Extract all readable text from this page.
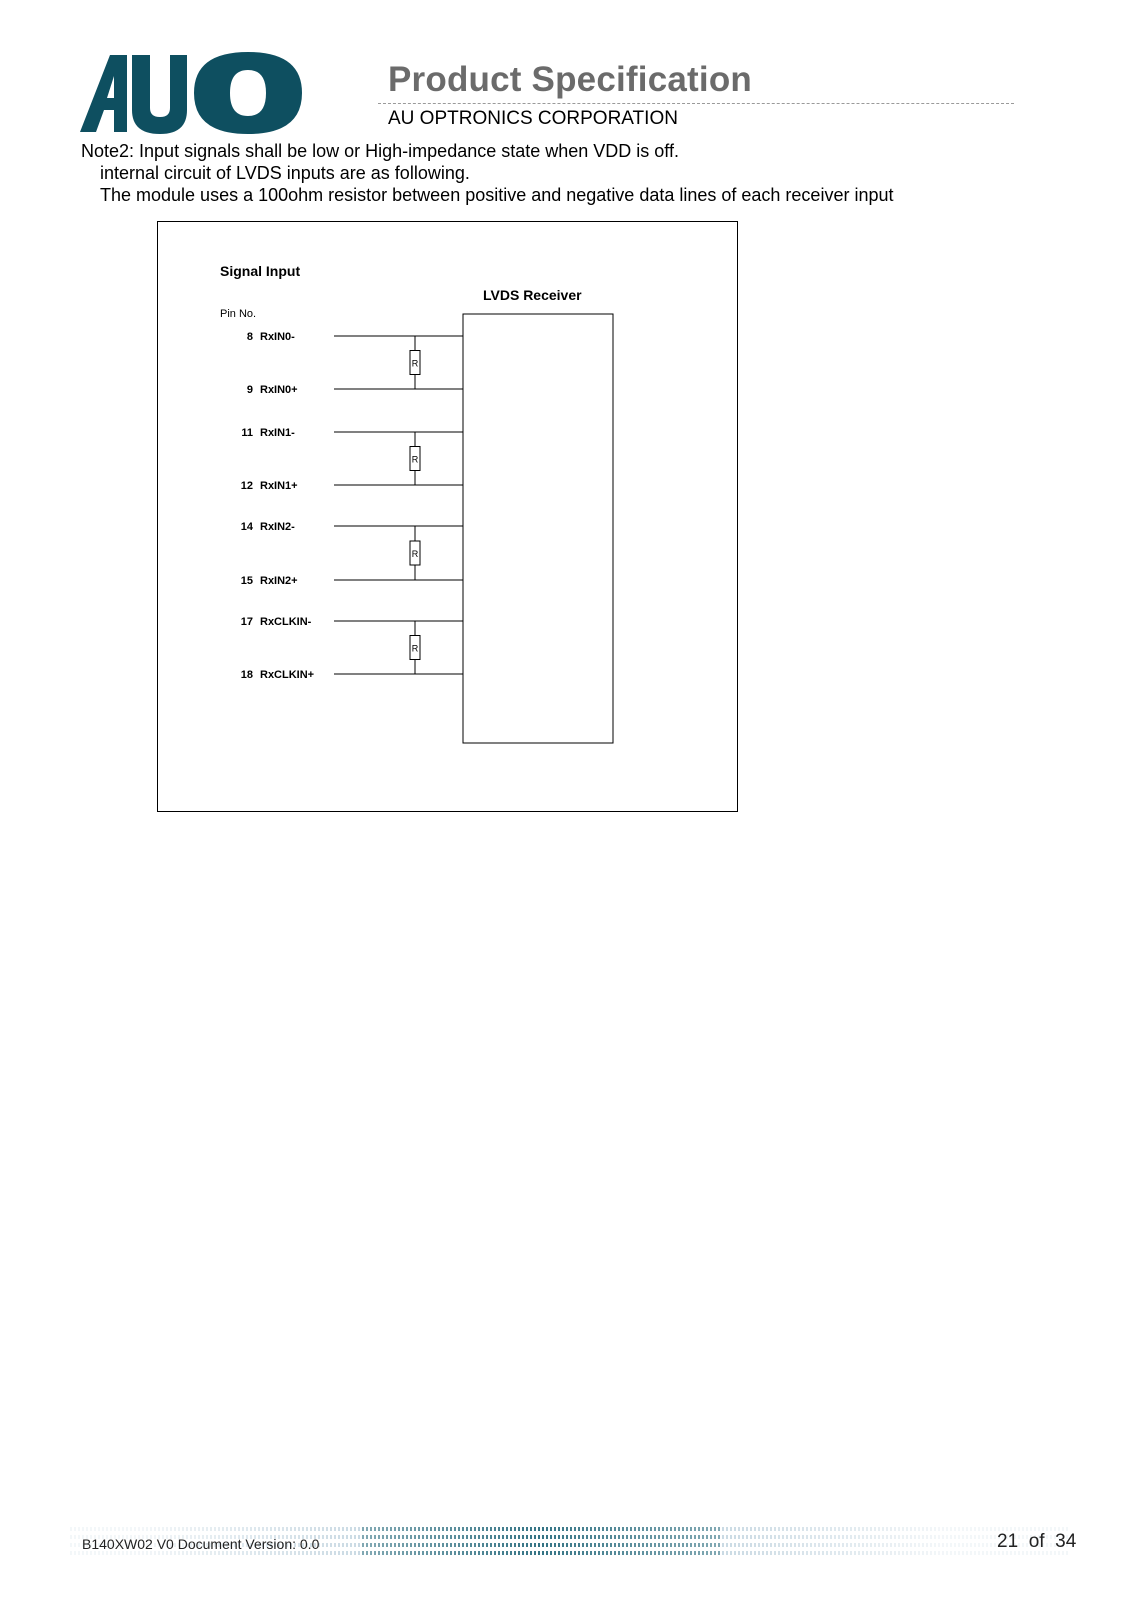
Product Specification
AU OPTRONICS CORPORATION
Note2: Input signals shall be low or High-impedance state when VDD is off.
internal circuit of LVDS inputs are as following.
The module uses a 100ohm resistor between positive and negative data lines of each receiver input
Signal Input
Pin No.
LVDS Receiver
8 RxIN0-
9 RxIN0+
R
11 RxIN1-
12 RxIN1+
R
14 RxIN2-
15 RxIN2+
R
17 RxCLKIN-
18 RxCLKIN+
R
B140XW02 V0 Document Version: 0.0	21 of 34
